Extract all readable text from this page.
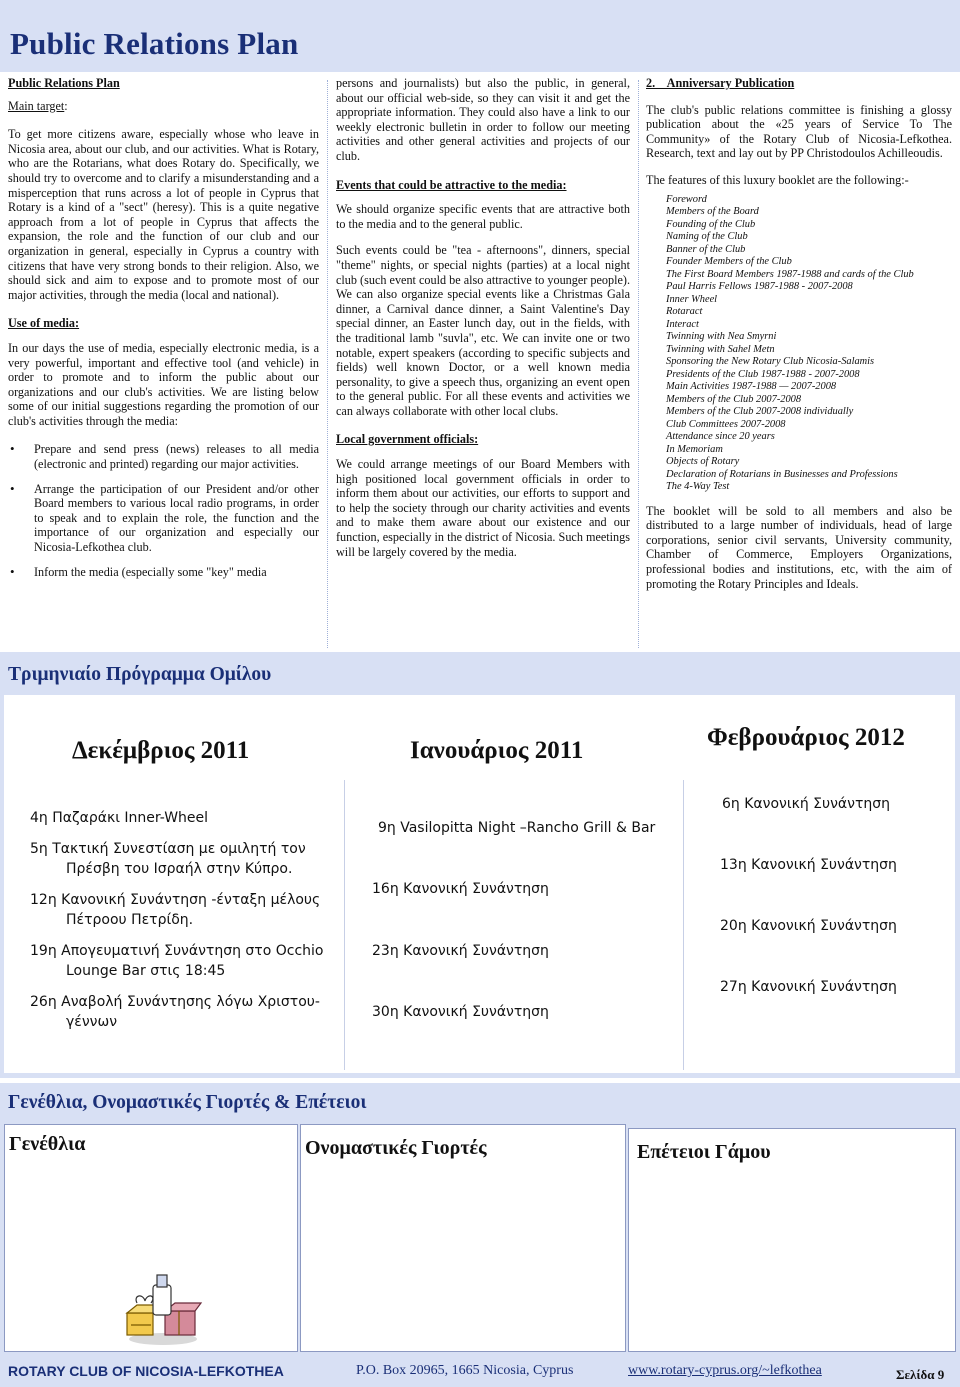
Public Relations Plan

Public Relations Plan

Main target:

To get more citizens aware, especially whose who leave in Nicosia area, about our club, and our activities. What is Rotary, who are the Rotarians, what does Rotary do. Specifically, we should try to overcome and to clarify a misunderstanding and a misperception that runs across a lot of people in Cyprus that Rotary is a kind of a "sect" (heresy). This is a quite negative approach from a lot of people in Cyprus that affects the expansion, the role and the function of our club and our organization in general, especially in Cyprus a country with citizens that have very strong bonds to their religion. Also, we should sick and aim to expose and to promote most of our major activities, through the media (local and national).

Use of media:

In our days the use of media, especially electronic media, is a very powerful, important and effective tool (and vehicle) in order to promote and to inform the public about our organizations and our club's activities. We are listing below some of our initial suggestions regarding the promotion of our club's activities through the media:

• Prepare and send press (news) releases to all media (electronic and printed) regarding our major activities.
• Arrange the participation of our President and/or other Board members to various local radio programs, in order to speak and to explain the role, the function and the importance of our organization and especially our Nicosia-Lefkothea club.
• Inform the media (especially some "key" media

persons and journalists) but also the public, in general, about our official web-side, so they can visit it and get the appropriate information. They could also have a link to our weekly electronic bulletin in order to follow our meeting activities and other general activities and projects of our club.

Events that could be attractive to the media:

We should organize specific events that are attractive both to the media and to the general public.

Such events could be "tea - afternoons", dinners, special "theme" nights, or special nights (parties) at a local night club (such event could be also attractive to younger people). We can also organize special events like a Christmas Gala dinner, a Carnival dance dinner, a Saint Valentine's Day special dinner, an Easter lunch day, out in the fields, with the traditional lamb "suvla", etc. We can invite one or two notable, expert speakers (according to specific subjects and fields) well known Doctor, or a well known media personality, to give a speech thus, organizing an event open to the general public. For all these events and activities we can always collaborate with other local clubs.

Local government officials:

We could arrange meetings of our Board Members with high positioned local government officials in order to inform them about our activities, our efforts to support and to help the society through our charity activities and events and to make them aware about our existence and our function, especially in the district of Nicosia. Such meetings will be largely covered by the media.

2.    Anniversary Publication

The club's public relations committee is finishing a glossy publication about the «25 years of Service To The Community» of the Rotary Club of Nicosia-Lefkothea. Research, text and lay out by PP Christodoulos Achilleoudis.

The features of this luxury booklet are the following:-

Foreword
Members of the Board
Founding of the Club
Naming of the Club
Banner of the Club
Founder Members of the Club
The First Board Members 1987-1988 and cards of the Club
Paul Harris Fellows 1987-1988 - 2007-2008
Inner Wheel
Rotaract
Interact
Twinning with Nea Smyrni
Twinning with Sahel Metn
Sponsoring the New Rotary Club Nicosia-Salamis
Presidents of the Club 1987-1988 - 2007-2008
Main Activities 1987-1988 — 2007-2008
Members of the Club 2007-2008
Members of the Club 2007-2008 individually
Club Committees 2007-2008
Attendance since 20 years
In Memoriam
Objects of Rotary
Declaration of Rotarians in Businesses and Professions
The 4-Way Test

The booklet will be sold to all members and also be distributed to a large number of individuals, head of large corporations, senior civil servants, University community, Chamber of Commerce, Employers Organizations, professional bodies and institutions, etc, with the aim of promoting the Rotary Principles and Ideals.

Τριμηνιαίο Πρόγραμμα Ομίλου
Δεκέμβριος 2011	Ιανουάριος 2011	Φεβρουάριος 2012
4η Παζαράκι Inner-Wheel
5η Τακτική Συνεστίαση με ομιλητή τον
Πρέσβη του Ισραήλ στην Κύπρο.
12η Κανονική Συνάντηση -ένταξη μέλους
Πέτροου Πετρίδη.
19η Απογευματινή Συνάντηση στο Occhio
Lounge Bar στις 18:45
26η Αναβολή Συνάντησης λόγω Χριστου-
γέννων
9η Vasilopitta Night –Rancho Grill & Bar
16η Κανονική Συνάντηση
23η Κανονική Συνάντηση
30η Κανονική Συνάντηση
6η Κανονική Συνάντηση
13η Κανονική Συνάντηση
20η Κανονική Συνάντηση
27η Κανονική Συνάντηση
Γενέθλια, Ονομαστικές Γιορτές & Επέτειοι
Γενέθλια	Ονομαστικές Γιορτές	Επέτειοι Γάμου
ROTARY CLUB OF NICOSIA-LEFKOTHEA	P.O. Box 20965, 1665 Nicosia, Cyprus	www.rotary-cyprus.org/~lefkothea	Σελίδα 9
